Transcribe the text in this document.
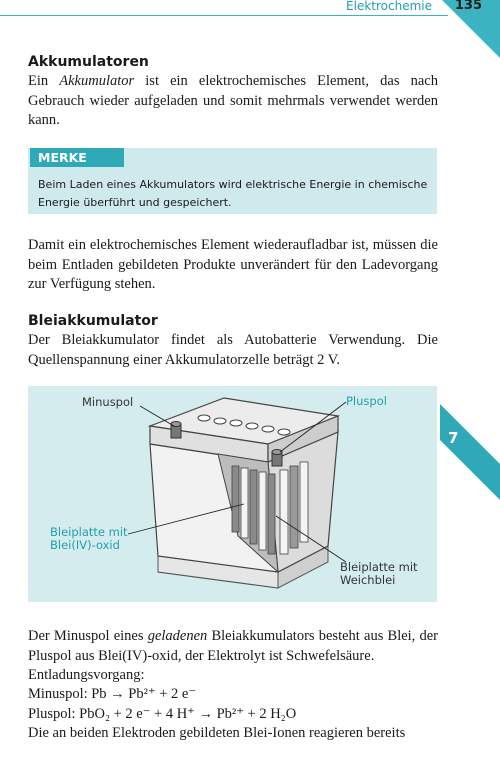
Elektrochemie 135
7
Akkumulatoren

Ein Akkumulator ist ein elektrochemisches Element, das nach Gebrauch wieder aufgeladen und somit mehrmals verwendet werden kann.

MERKE

Beim Laden eines Akkumulators wird elektrische Energie in chemische Energie überführt und gespeichert.

Damit ein elektrochemisches Element wiederaufladbar ist, müssen die beim Entladen gebildeten Produkte unverändert für den Ladevorgang zur Verfügung stehen.

Bleiakkumulator

Der Bleiakkumulator findet als Autobatterie Verwendung. Die Quellenspannung einer Akkumulatorzelle beträgt 2 V.

Minuspol	Pluspol
Bleiplatte mit
Blei(IV)-oxid
Bleiplatte mit
Weichblei

Der Minuspol eines geladenen Bleiakkumulators besteht aus Blei, der Pluspol aus Blei(IV)-oxid, der Elektrolyt ist Schwefelsäure.

Entladungsvorgang:

Minuspol: Pb → Pb²⁺ + 2 e⁻

Pluspol: PbO₂ + 2 e⁻ + 4 H⁺ → Pb²⁺ + 2 H₂O

Die an beiden Elektroden gebildeten Blei-Ionen reagieren bereits
